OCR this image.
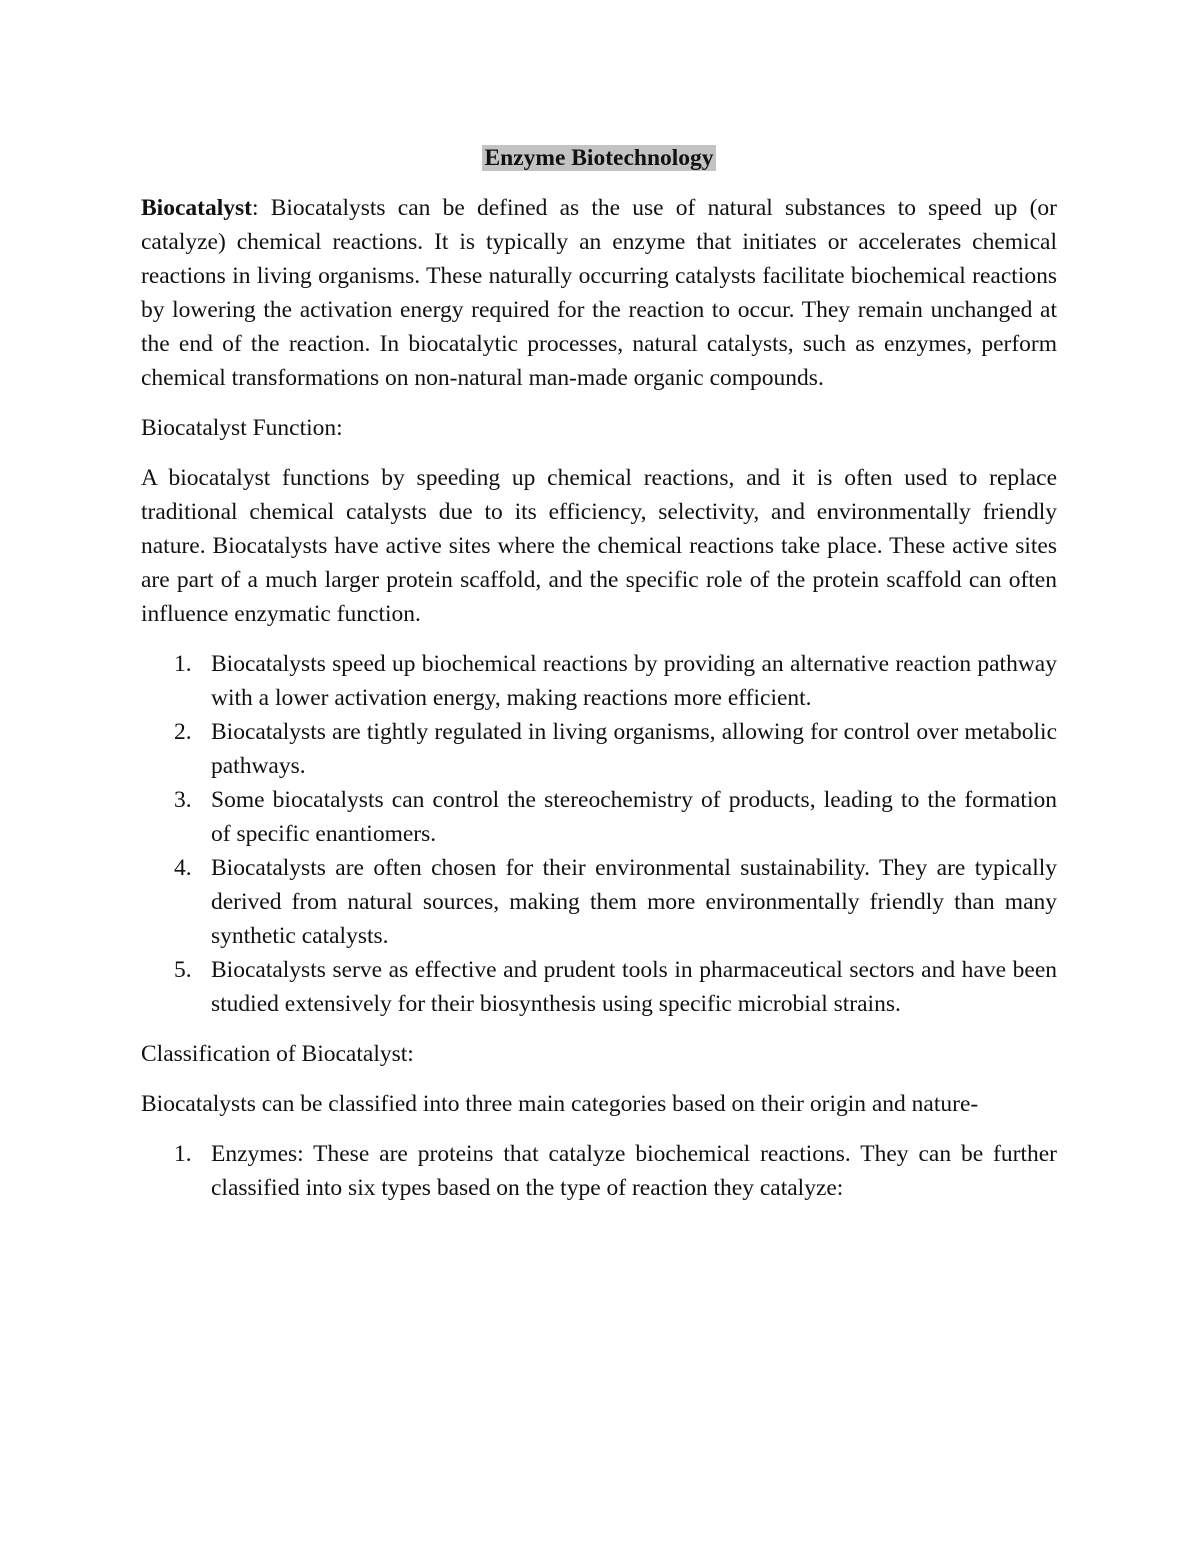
Enzyme Biotechnology

Biocatalyst: Biocatalysts can be defined as the use of natural substances to speed up (or catalyze) chemical reactions. It is typically an enzyme that initiates or accelerates chemical reactions in living organisms. These naturally occurring catalysts facilitate biochemical reactions by lowering the activation energy required for the reaction to occur. They remain unchanged at the end of the reaction. In biocatalytic processes, natural catalysts, such as enzymes, perform chemical transformations on non-natural man-made organic compounds.

Biocatalyst Function:

A biocatalyst functions by speeding up chemical reactions, and it is often used to replace traditional chemical catalysts due to its efficiency, selectivity, and environmentally friendly nature. Biocatalysts have active sites where the chemical reactions take place. These active sites are part of a much larger protein scaffold, and the specific role of the protein scaffold can often influence enzymatic function.

1. Biocatalysts speed up biochemical reactions by providing an alternative reaction pathway with a lower activation energy, making reactions more efficient.
2. Biocatalysts are tightly regulated in living organisms, allowing for control over metabolic pathways.
3. Some biocatalysts can control the stereochemistry of products, leading to the formation of specific enantiomers.
4. Biocatalysts are often chosen for their environmental sustainability. They are typically derived from natural sources, making them more environmentally friendly than many synthetic catalysts.
5. Biocatalysts serve as effective and prudent tools in pharmaceutical sectors and have been studied extensively for their biosynthesis using specific microbial strains.

Classification of Biocatalyst:

Biocatalysts can be classified into three main categories based on their origin and nature-

1. Enzymes: These are proteins that catalyze biochemical reactions. They can be further classified into six types based on the type of reaction they catalyze:
